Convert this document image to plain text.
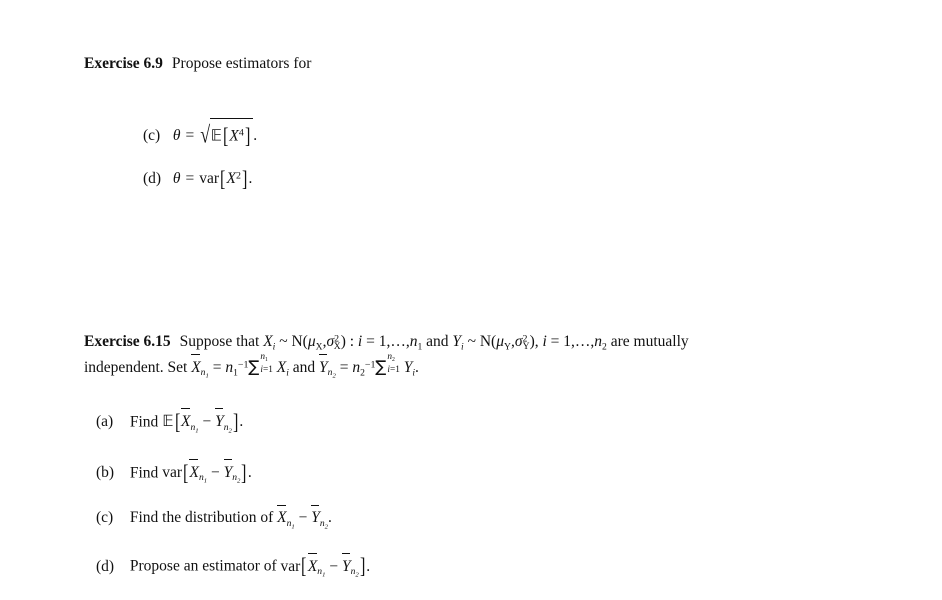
Exercise 6.9 Propose estimators for
(c) $\theta = √𝔼[X^4]$ .
(d) $\theta = var[X^2]$.
Exercise 6.15 Suppose that $X_i$ ~ $N(\mu_X,\sigma^2_X)$ : $i = 1,\dots,n_1$ and $Y_i$ ~ $N(\mu_Y,\sigma^2_Y)$, $i = 1,\dots,n_2$ are mutually
independent. Set $X_{n_1} = n_1^{-1}\sum$ $n_1$
i=1 $X_i$ and $Y_{n_2} = n_2^{-1}\sum$ $n_2$
i=1 $Y_i$.
(a) Find $𝔼[X_{n_1} - Y_{n_2}]$.
(b) Find $var[X_{n_1} - Y_{n_2}]$.
(c) Find the distribution of $X_{n_1} - Y_{n_2}$.
(d) Propose an estimator of $var[X_{n_1} - Y_{n_2}]$.
